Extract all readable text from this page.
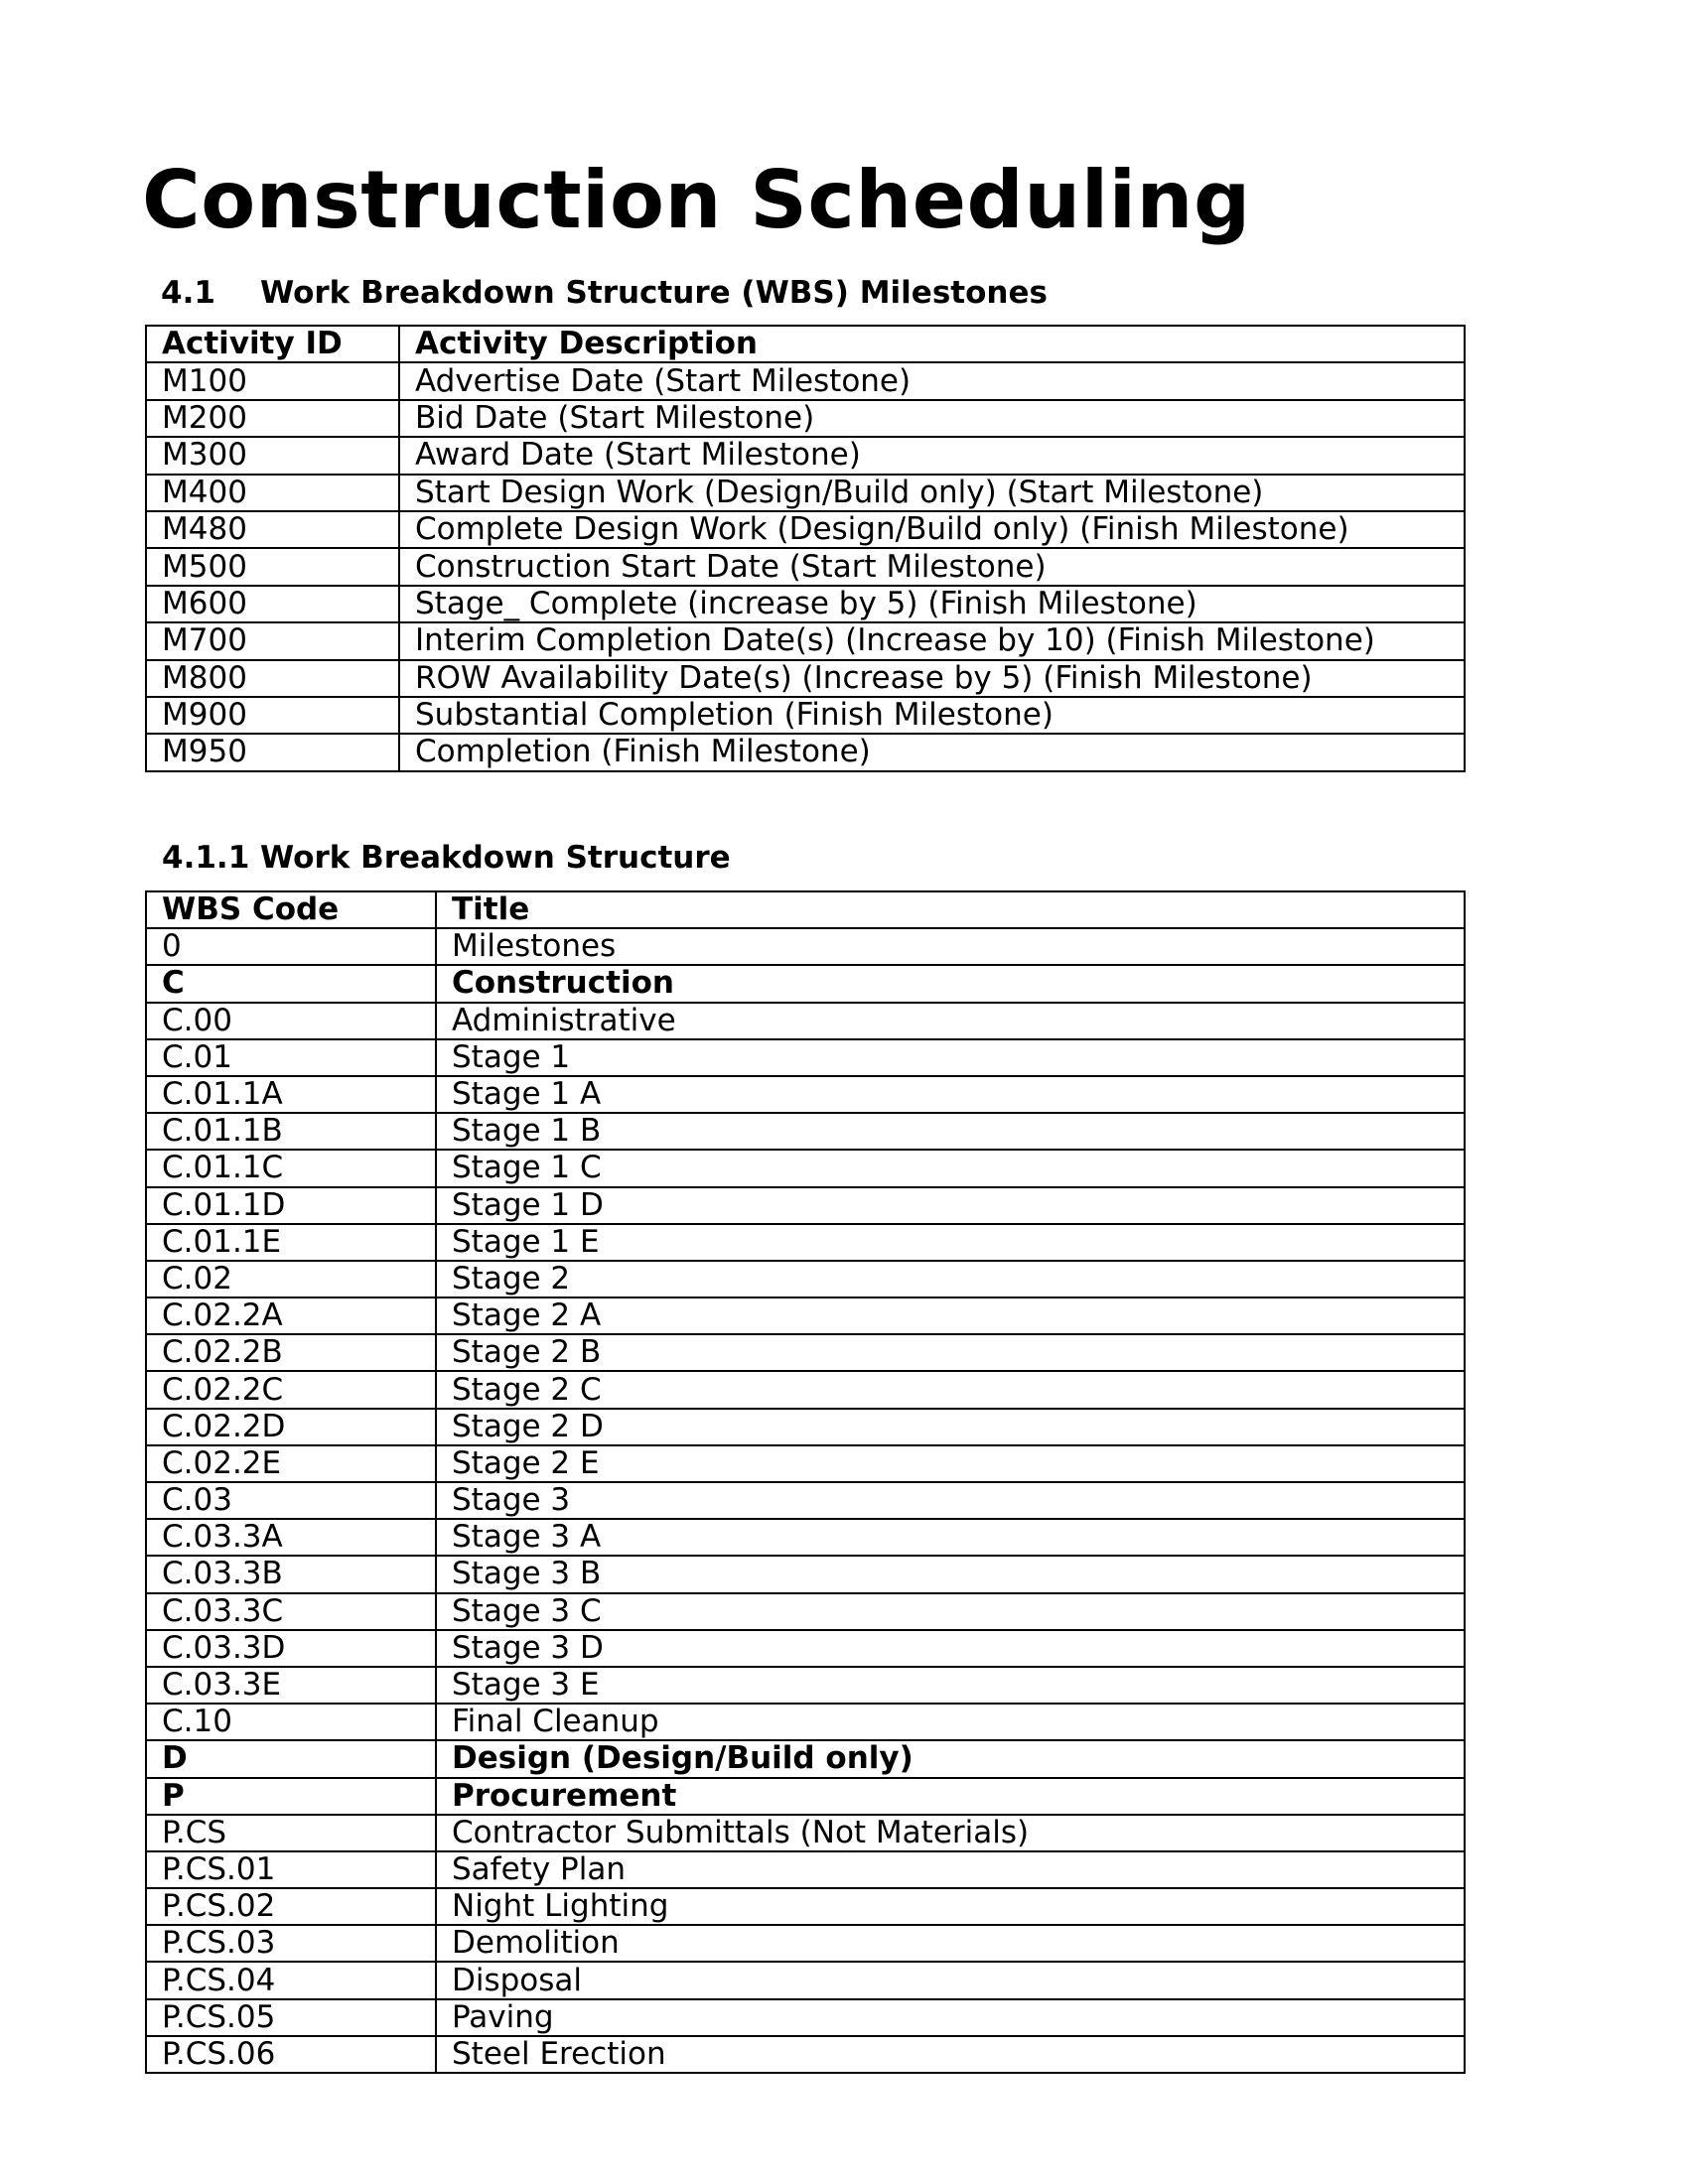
Construction Scheduling
4.1 Work Breakdown Structure (WBS) Milestones
Activity ID	Activity Description
M100	Advertise Date (Start Milestone)
M200	Bid Date (Start Milestone)
M300	Award Date (Start Milestone)
M400	Start Design Work (Design/Build only) (Start Milestone)
M480	Complete Design Work (Design/Build only) (Finish Milestone)
M500	Construction Start Date (Start Milestone)
M600	Stage_ Complete (increase by 5) (Finish Milestone)
M700	Interim Completion Date(s) (Increase by 10) (Finish Milestone)
M800	ROW Availability Date(s) (Increase by 5) (Finish Milestone)
M900	Substantial Completion (Finish Milestone)
M950	Completion (Finish Milestone)
4.1.1 Work Breakdown Structure
WBS Code	Title
0	Milestones
C	Construction
C.00	Administrative
C.01	Stage 1
C.01.1A	Stage 1 A
C.01.1B	Stage 1 B
C.01.1C	Stage 1 C
C.01.1D	Stage 1 D
C.01.1E	Stage 1 E
C.02	Stage 2
C.02.2A	Stage 2 A
C.02.2B	Stage 2 B
C.02.2C	Stage 2 C
C.02.2D	Stage 2 D
C.02.2E	Stage 2 E
C.03	Stage 3
C.03.3A	Stage 3 A
C.03.3B	Stage 3 B
C.03.3C	Stage 3 C
C.03.3D	Stage 3 D
C.03.3E	Stage 3 E
C.10	Final Cleanup
D	Design (Design/Build only)
P	Procurement
P.CS	Contractor Submittals (Not Materials)
P.CS.01	Safety Plan
P.CS.02	Night Lighting
P.CS.03	Demolition
P.CS.04	Disposal
P.CS.05	Paving
P.CS.06	Steel Erection
